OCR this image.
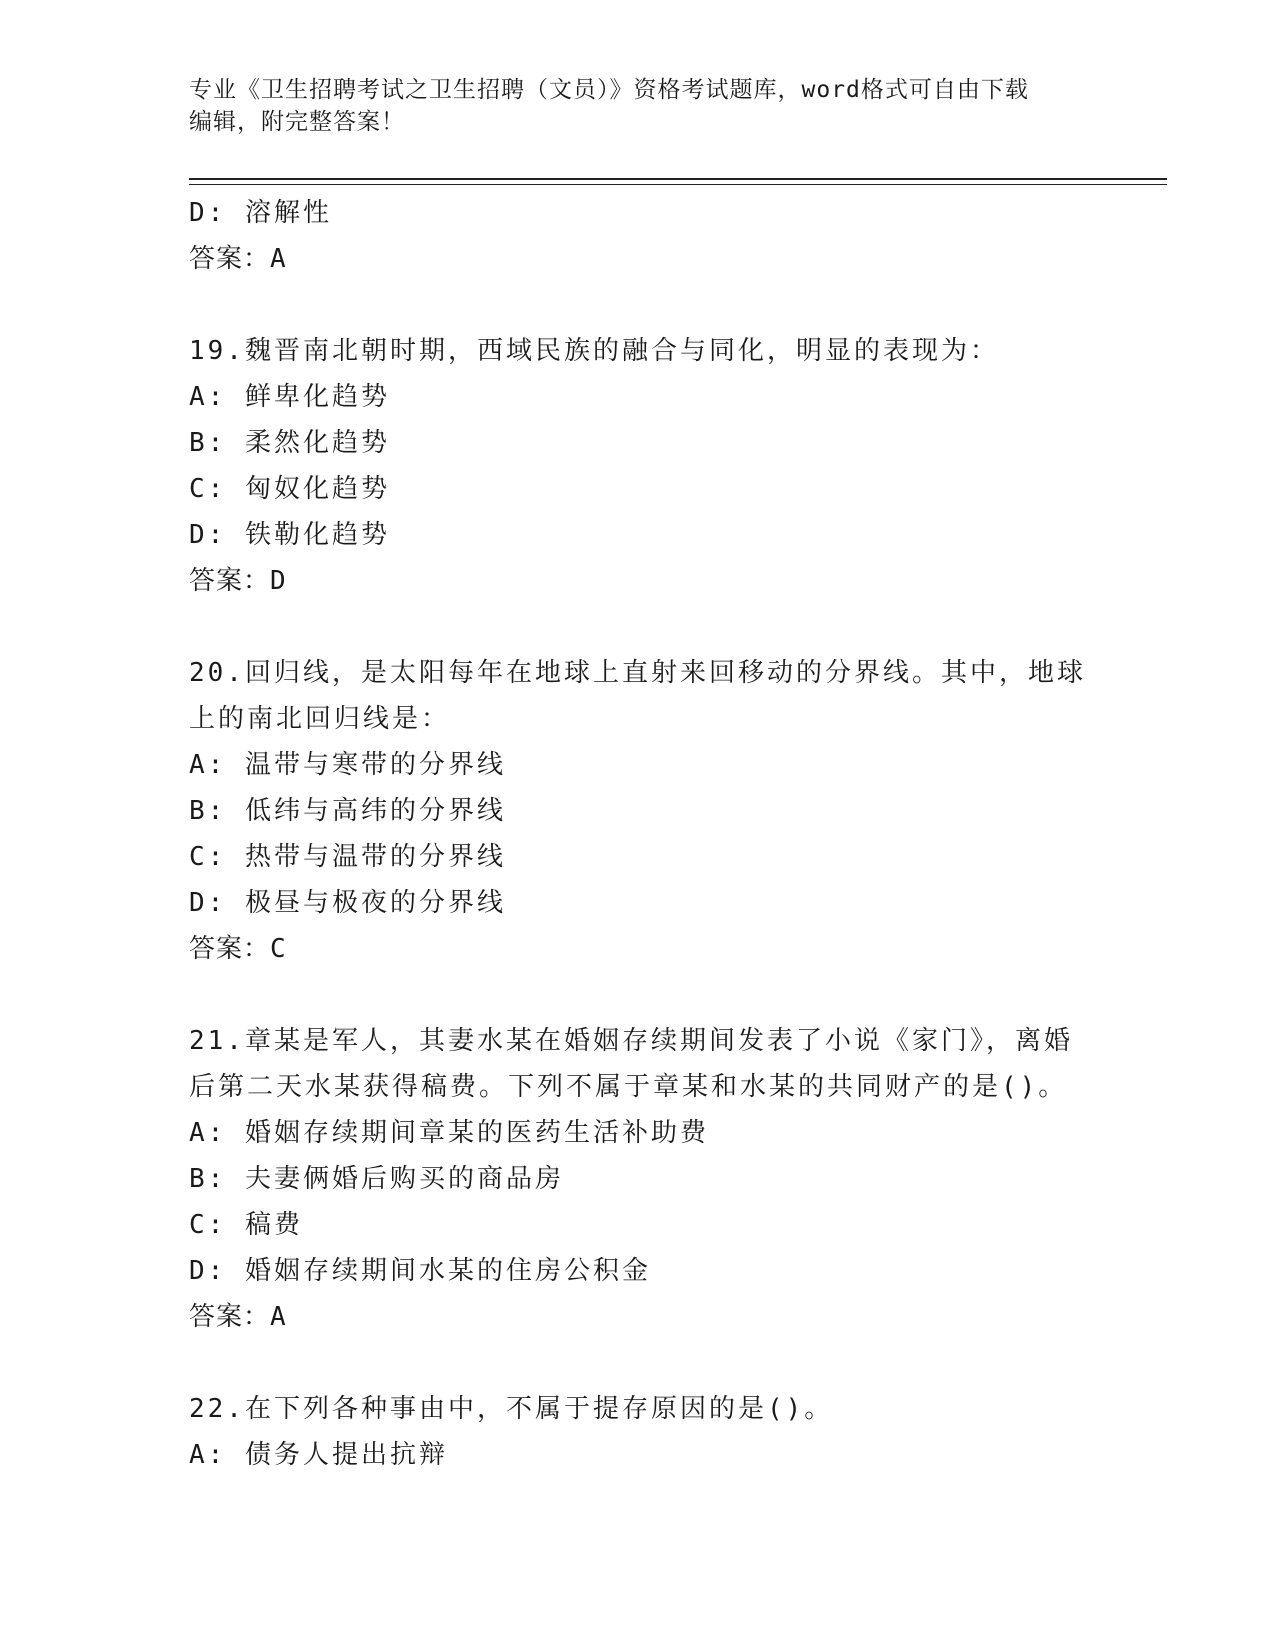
专业《卫生招聘考试之卫生招聘（文员）》资格考试题库，word格式可自由下载
编辑，附完整答案！
D: 溶解性
答案：A
19.魏晋南北朝时期，西域民族的融合与同化，明显的表现为：
A: 鲜卑化趋势
B: 柔然化趋势
C: 匈奴化趋势
D: 铁勒化趋势
答案：D
20.回归线，是太阳每年在地球上直射来回移动的分界线。其中，地球
上的南北回归线是：
A: 温带与寒带的分界线
B: 低纬与高纬的分界线
C: 热带与温带的分界线
D: 极昼与极夜的分界线
答案：C
21.章某是军人，其妻水某在婚姻存续期间发表了小说《家门》，离婚
后第二天水某获得稿费。下列不属于章某和水某的共同财产的是()。
A: 婚姻存续期间章某的医药生活补助费
B: 夫妻俩婚后购买的商品房
C: 稿费
D: 婚姻存续期间水某的住房公积金
答案：A
22.在下列各种事由中，不属于提存原因的是()。
A: 债务人提出抗辩
